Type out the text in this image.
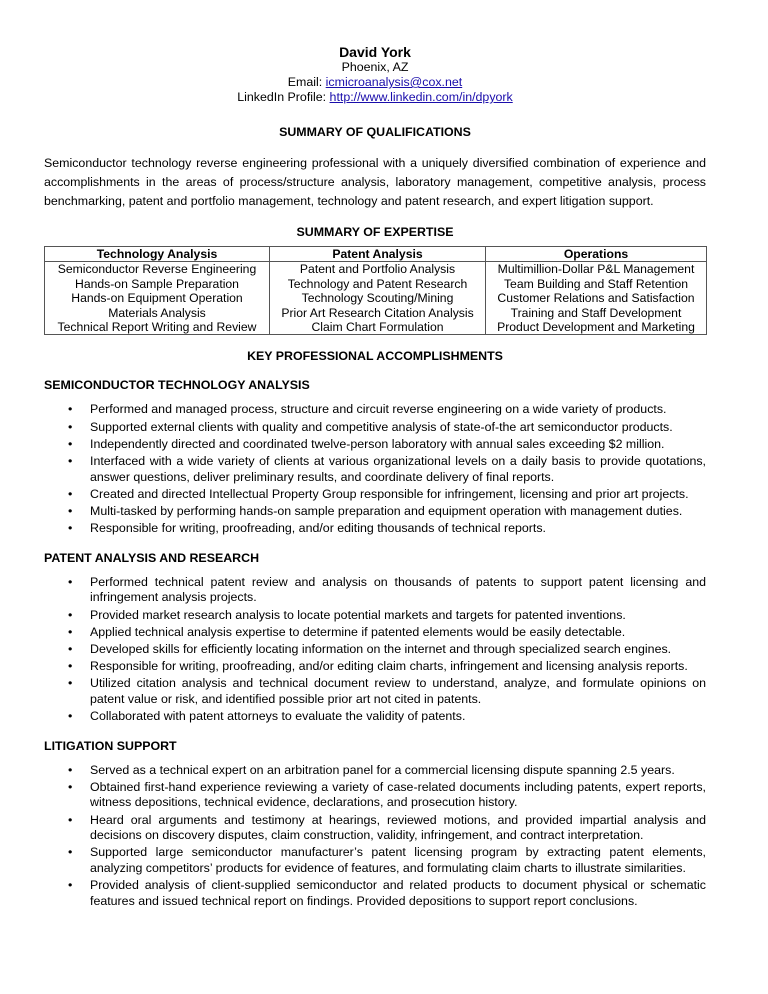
David York
Phoenix, AZ
Email: icmicroanalysis@cox.net
LinkedIn Profile: http://www.linkedin.com/in/dpyork
SUMMARY OF QUALIFICATIONS
Semiconductor technology reverse engineering professional with a uniquely diversified combination of experience and accomplishments in the areas of process/structure analysis, laboratory management, competitive analysis, process benchmarking, patent and portfolio management, technology and patent research, and expert litigation support.
SUMMARY OF EXPERTISE
Technology Analysis	Patent Analysis	Operations
Semiconductor Reverse Engineering	Patent and Portfolio Analysis	Multimillion-Dollar P&L Management
Hands-on Sample Preparation	Technology and Patent Research	Team Building and Staff Retention
Hands-on Equipment Operation	Technology Scouting/Mining	Customer Relations and Satisfaction
Materials Analysis	Prior Art Research Citation Analysis	Training and Staff Development
Technical Report Writing and Review	Claim Chart Formulation	Product Development and Marketing
KEY PROFESSIONAL ACCOMPLISHMENTS
SEMICONDUCTOR TECHNOLOGY ANALYSIS
• Performed and managed process, structure and circuit reverse engineering on a wide variety of products.
• Supported external clients with quality and competitive analysis of state-of-the art semiconductor products.
• Independently directed and coordinated twelve-person laboratory with annual sales exceeding $2 million.
• Interfaced with a wide variety of clients at various organizational levels on a daily basis to provide quotations, answer questions, deliver preliminary results, and coordinate delivery of final reports.
• Created and directed Intellectual Property Group responsible for infringement, licensing and prior art projects.
• Multi-tasked by performing hands-on sample preparation and equipment operation with management duties.
• Responsible for writing, proofreading, and/or editing thousands of technical reports.
PATENT ANALYSIS AND RESEARCH
• Performed technical patent review and analysis on thousands of patents to support patent licensing and infringement analysis projects.
• Provided market research analysis to locate potential markets and targets for patented inventions.
• Applied technical analysis expertise to determine if patented elements would be easily detectable.
• Developed skills for efficiently locating information on the internet and through specialized search engines.
• Responsible for writing, proofreading, and/or editing claim charts, infringement and licensing analysis reports.
• Utilized citation analysis and technical document review to understand, analyze, and formulate opinions on patent value or risk, and identified possible prior art not cited in patents.
• Collaborated with patent attorneys to evaluate the validity of patents.
LITIGATION SUPPORT
• Served as a technical expert on an arbitration panel for a commercial licensing dispute spanning 2.5 years.
• Obtained first-hand experience reviewing a variety of case-related documents including patents, expert reports, witness depositions, technical evidence, declarations, and prosecution history.
• Heard oral arguments and testimony at hearings, reviewed motions, and provided impartial analysis and decisions on discovery disputes, claim construction, validity, infringement, and contract interpretation.
• Supported large semiconductor manufacturer’s patent licensing program by extracting patent elements, analyzing competitors’ products for evidence of features, and formulating claim charts to illustrate similarities.
• Provided analysis of client-supplied semiconductor and related products to document physical or schematic features and issued technical report on findings. Provided depositions to support report conclusions.
